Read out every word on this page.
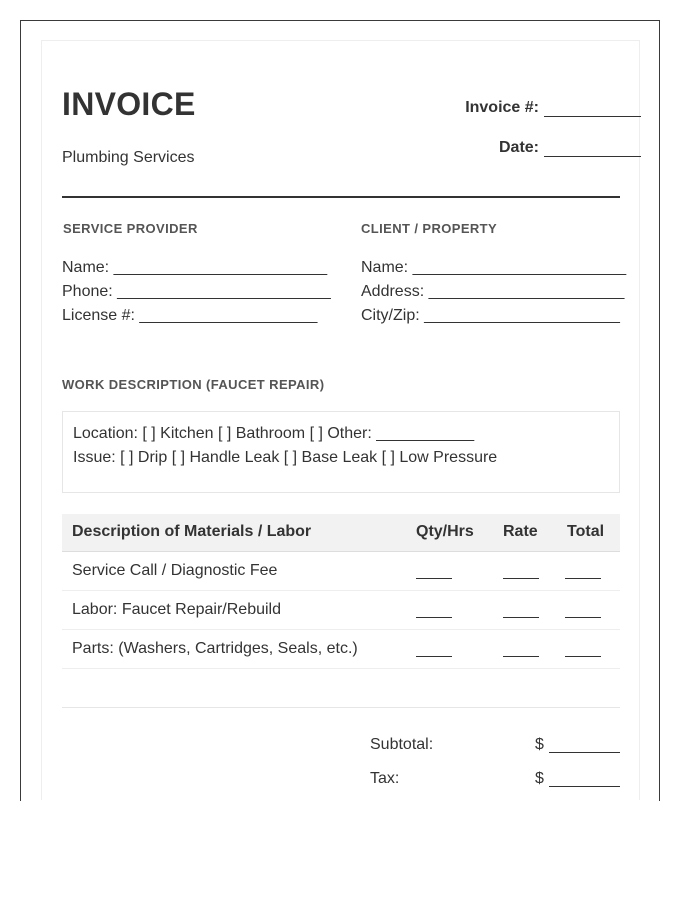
INVOICE
Plumbing Services
Invoice #:
Date:
SERVICE PROVIDER
Name: ________________________
Phone: ________________________
License #: ____________________
CLIENT / PROPERTY
Name: ________________________
Address: ______________________
City/Zip: ______________________
WORK DESCRIPTION (FAUCET REPAIR)
Location: [ ] Kitchen [ ] Bathroom [ ] Other: ___________
Issue: [ ] Drip [ ] Handle Leak [ ] Base Leak [ ] Low Pressure
Description of Materials / Labor	Qty/Hrs Rate Total
Service Call / Diagnostic Fee
Labor: Faucet Repair/Rebuild
Parts: (Washers, Cartridges, Seals, etc.)
Subtotal:	$
Tax:	$
